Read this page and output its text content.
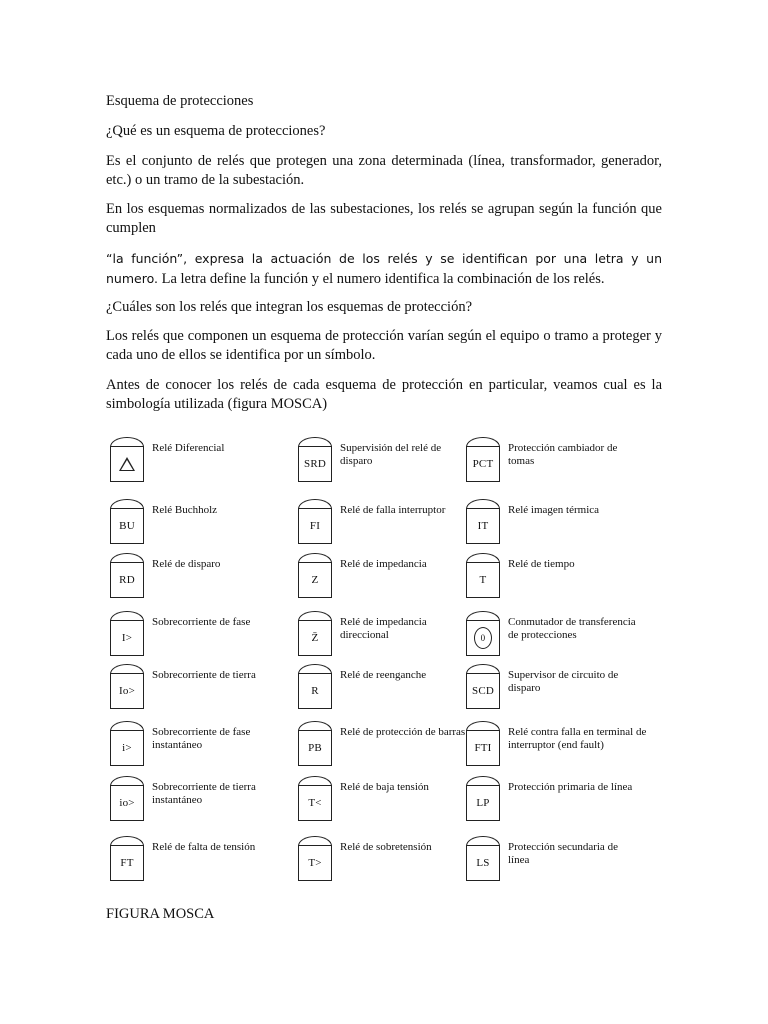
Esquema de protecciones

¿Qué es un esquema de protecciones?

Es el conjunto de relés que protegen una zona determinada (línea, transformador, generador, etc.) o un tramo de la subestación.

En los esquemas normalizados de las subestaciones, los relés se agrupan según la función que cumplen

“la función”, expresa la actuación de los relés y se identifican por una letra y un numero. La letra define la función y el numero identifica la combinación de los relés.

¿Cuáles son los relés que integran los esquemas de protección?

Los relés que componen un esquema de protección varían según el equipo o tramo a proteger y cada uno de ellos se identifica por un símbolo.

Antes de conocer los relés de cada esquema de protección en particular, veamos cual es la simbología utilizada (figura MOSCA)

Relé Diferencial
BU
Relé Buchholz
RD
Relé de disparo
I>
Sobrecorriente de fase
Io>
Sobrecorriente de tierra
i>
Sobrecorriente de fase instantáneo
io>
Sobrecorriente de tierra instantáneo
FT
Relé de falta de tensión
SRD
Supervisión del relé de disparo
FI
Relé de falla interruptor
Z
Relé de impedancia
Z̄
Relé de impedancia direccional
R
Relé de reenganche
PB
Relé de protección de barras
T<
Relé de baja tensión
T>
Relé de sobretensión
PCT
Protección cambiador de tomas
IT
Relé imagen térmica
T
Relé de tiempo
0
Conmutador de transferencia de protecciones
SCD
Supervisor de circuito de disparo
FTI
Relé contra falla en terminal de interruptor (end fault)
LP
Protección primaria de línea
LS
Protección secundaria de línea
FIGURA MOSCA
